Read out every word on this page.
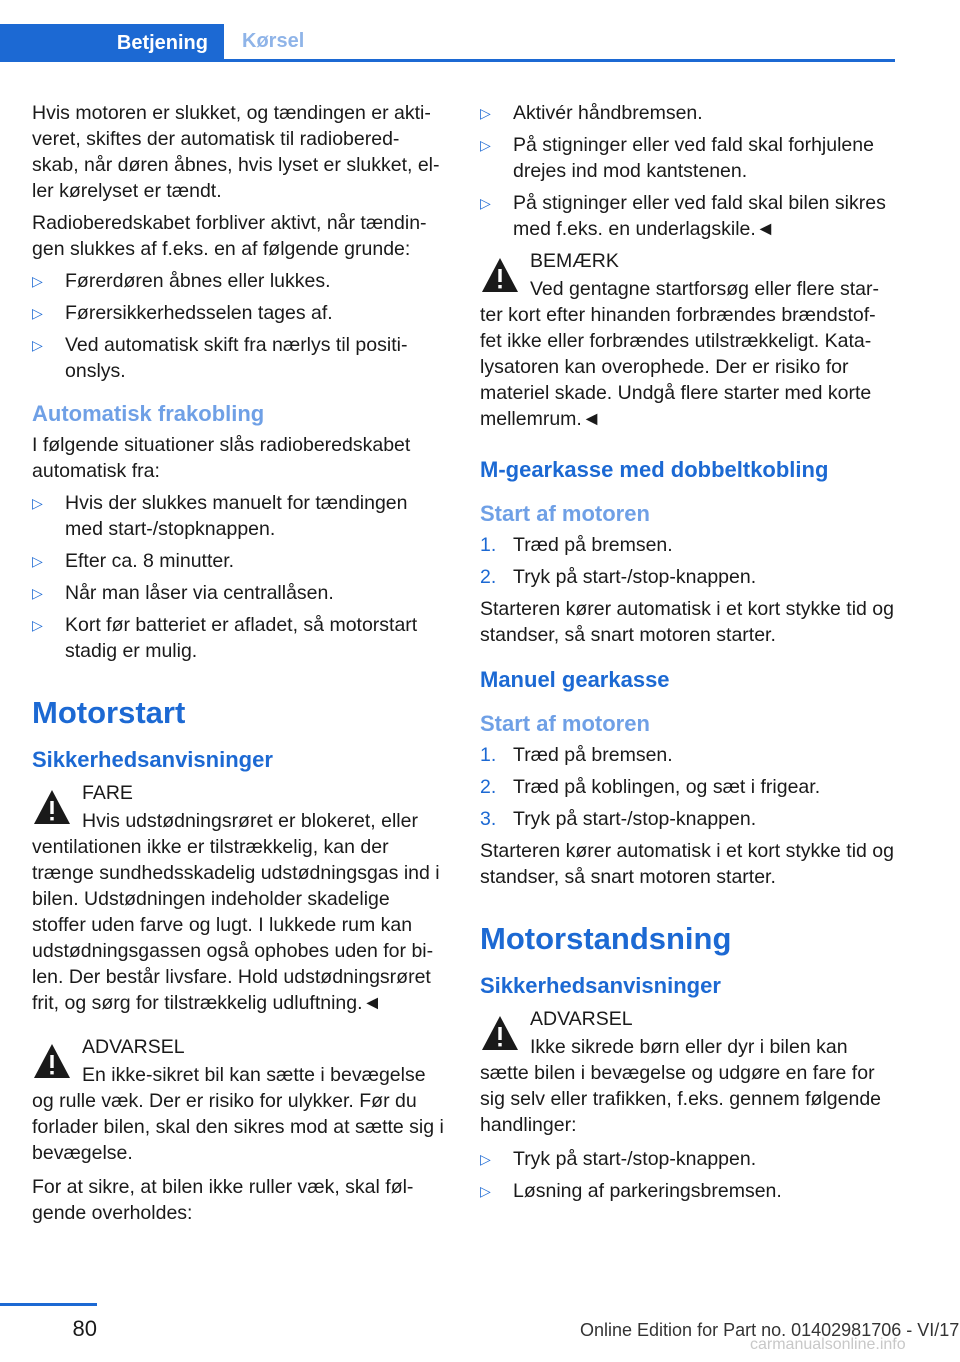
Betjening	Kørsel

Hvis motoren er slukket, og tændingen er akti‐veret, skiftes der automatisk til radiobered‐skab, når døren åbnes, hvis lyset er slukket, el‐ler kørelyset er tændt.

Radioberedskabet forbliver aktivt, når tændin‐gen slukkes af f.eks. en af følgende grunde:

▷ Førerdøren åbnes eller lukkes.
▷ Førersikkerhedsselen tages af.
▷ Ved automatisk skift fra nærlys til positi‐onslys.
Automatisk frakobling

I følgende situationer slås radioberedskabet automatisk fra:

▷ Hvis der slukkes manuelt for tændingen med start-/stopknappen.
▷ Efter ca. 8 minutter.
▷ Når man låser via centrallåsen.
▷ Kort før batteriet er afladet, så motorstart stadig er mulig.
Motorstart
Sikkerhedsanvisninger
FARE
Hvis udstødningsrøret er blokeret, eller ventilationen ikke er tilstrækkelig, kan der trænge sundhedsskadelig udstødningsgas ind i bilen. Udstødningen indeholder skadelige stoffer uden farve og lugt. I lukkede rum kan udstødningsgassen også ophobes uden for bi‐len. Der består livsfare. Hold udstødningsrøret frit, og sørg for tilstrækkelig udluftning.◄
ADVARSEL
En ikke-sikret bil kan sætte i bevægelse og rulle væk. Der er risiko for ulykker. Før du forlader bilen, skal den sikres mod at sætte sig i bevægelse.

For at sikre, at bilen ikke ruller væk, skal føl‐gende overholdes:

▷ Aktivér håndbremsen.
▷ På stigninger eller ved fald skal forhjulene drejes ind mod kantstenen.
▷ På stigninger eller ved fald skal bilen sikres med f.eks. en underlagskile.◄
BEMÆRK
Ved gentagne startforsøg eller flere star‐ter kort efter hinanden forbrændes brændstof‐fet ikke eller forbrændes utilstrækkeligt. Kata‐lysatoren kan overophede. Der er risiko for materiel skade. Undgå flere starter med korte mellemrum.◄
M-gearkasse med dobbeltkobling
Start af motoren
1. Træd på bremsen.
2. Tryk på start-/stop-knappen.

Starteren kører automatisk i et kort stykke tid og standser, så snart motoren starter.

Manuel gearkasse
Start af motoren
1. Træd på bremsen.
2. Træd på koblingen, og sæt i frigear.
3. Tryk på start-/stop-knappen.

Starteren kører automatisk i et kort stykke tid og standser, så snart motoren starter.

Motorstandsning
Sikkerhedsanvisninger
ADVARSEL
Ikke sikrede børn eller dyr i bilen kan sætte bilen i bevægelse og udgøre en fare for sig selv eller trafikken, f.eks. gennem følgende handlinger:
▷ Tryk på start-/stop-knappen.
▷ Løsning af parkeringsbremsen.
80	Online Edition for Part no. 01402981706 - VI/17
carmanualsonline.info
